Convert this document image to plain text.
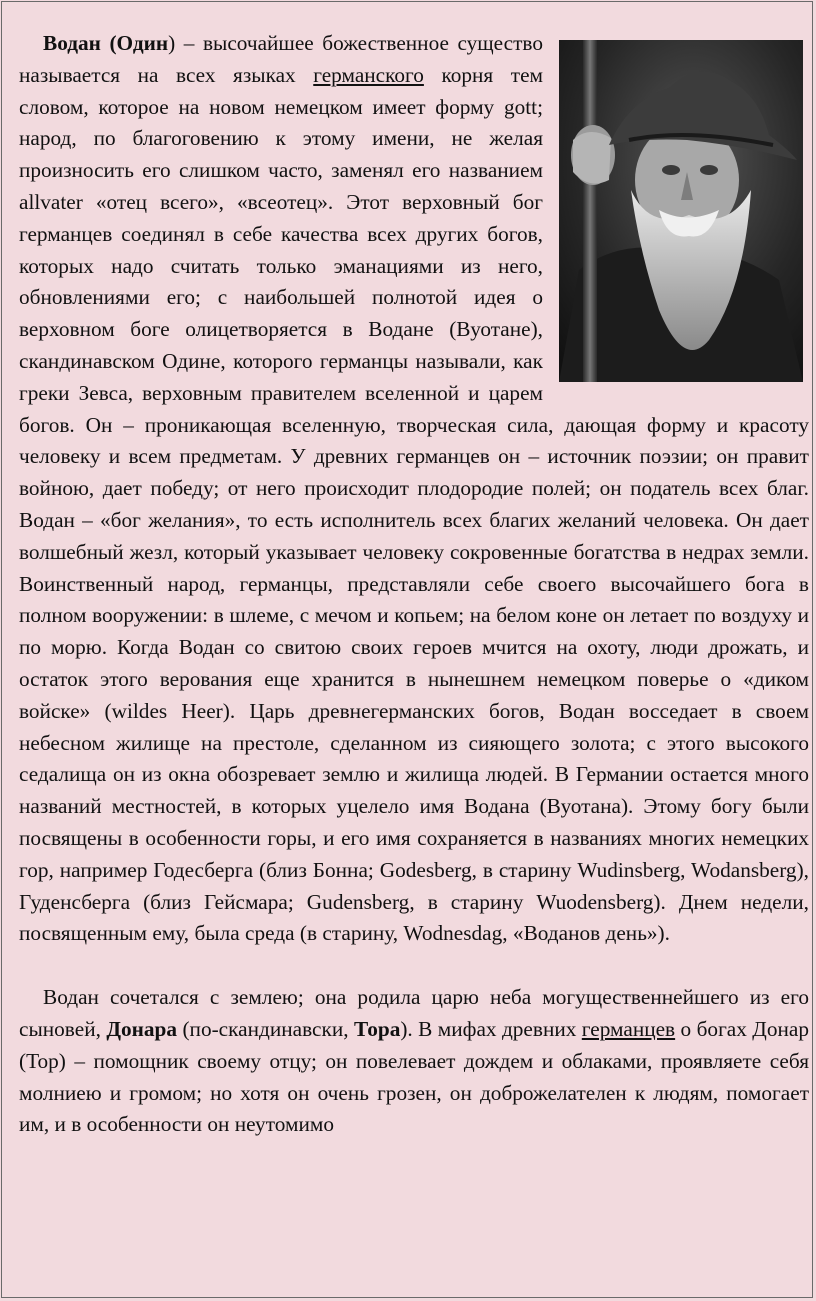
Водан (Один) – высочайшее божественное существо называется на всех языках германского корня тем словом, которое на новом немецком имеет форму gott; народ, по благоговению к этому имени, не желая произносить его слишком часто, заменял его названием allvater «отец всего», «всеотец». Этот верховный бог германцев соединял в себе качества всех других богов, которых надо считать только эманациями из него, обновлениями его; с наибольшей полнотой идея о верховном боге олицетворяется в Водане (Вуотане), скандинавском Одине, которого германцы называли, как греки Зевса, верховным правителем вселенной и царем богов. Он – проникающая вселенную, творческая сила, дающая форму и красоту человеку и всем предметам. У древних германцев он – источник поэзии; он правит войною, дает победу; от него происходит плодородие полей; он податель всех благ. Водан – «бог желания», то есть исполнитель всех благих желаний человека. Он дает волшебный жезл, который указывает человеку сокровенные богатства в недрах земли. Воинственный народ, германцы, представляли себе своего высочайшего бога в полном вооружении: в шлеме, с мечом и копьем; на белом коне он летает по воздуху и по морю. Когда Водан со свитою своих героев мчится на охоту, люди дрожать, и остаток этого верования еще хранится в нынешнем немецком поверье о «диком войске» (wildes Heer). Царь древнегерманских богов, Водан восседает в своем небесном жилище на престоле, сделанном из сияющего золота; с этого высокого седалища он из окна обозревает землю и жилища людей. В Германии остается много названий местностей, в которых уцелело имя Водана (Вуотана). Этому богу были посвящены в особенности горы, и его имя сохраняется в названиях многих немецких гор, например Годесберга (близ Бонна; Godesberg, в старину Wudinsberg, Wodansberg), Гуденсберга (близ Гейсмара; Gudensberg, в старину Wuodensberg). Днем недели, посвященным ему, была среда (в старину, Wodnesdag, «Воданов день»).

Водан сочетался с землею; она родила царю неба могущественнейшего из его сыновей, Донара (по-скандинавски, Тора). В мифах древних германцев о богах Донар (Тор) – помощник своему отцу; он повелевает дождем и облаками, проявляете себя молниею и громом; но хотя он очень грозен, он доброжелателен к людям, помогает им, и в особенности он неутомимо
